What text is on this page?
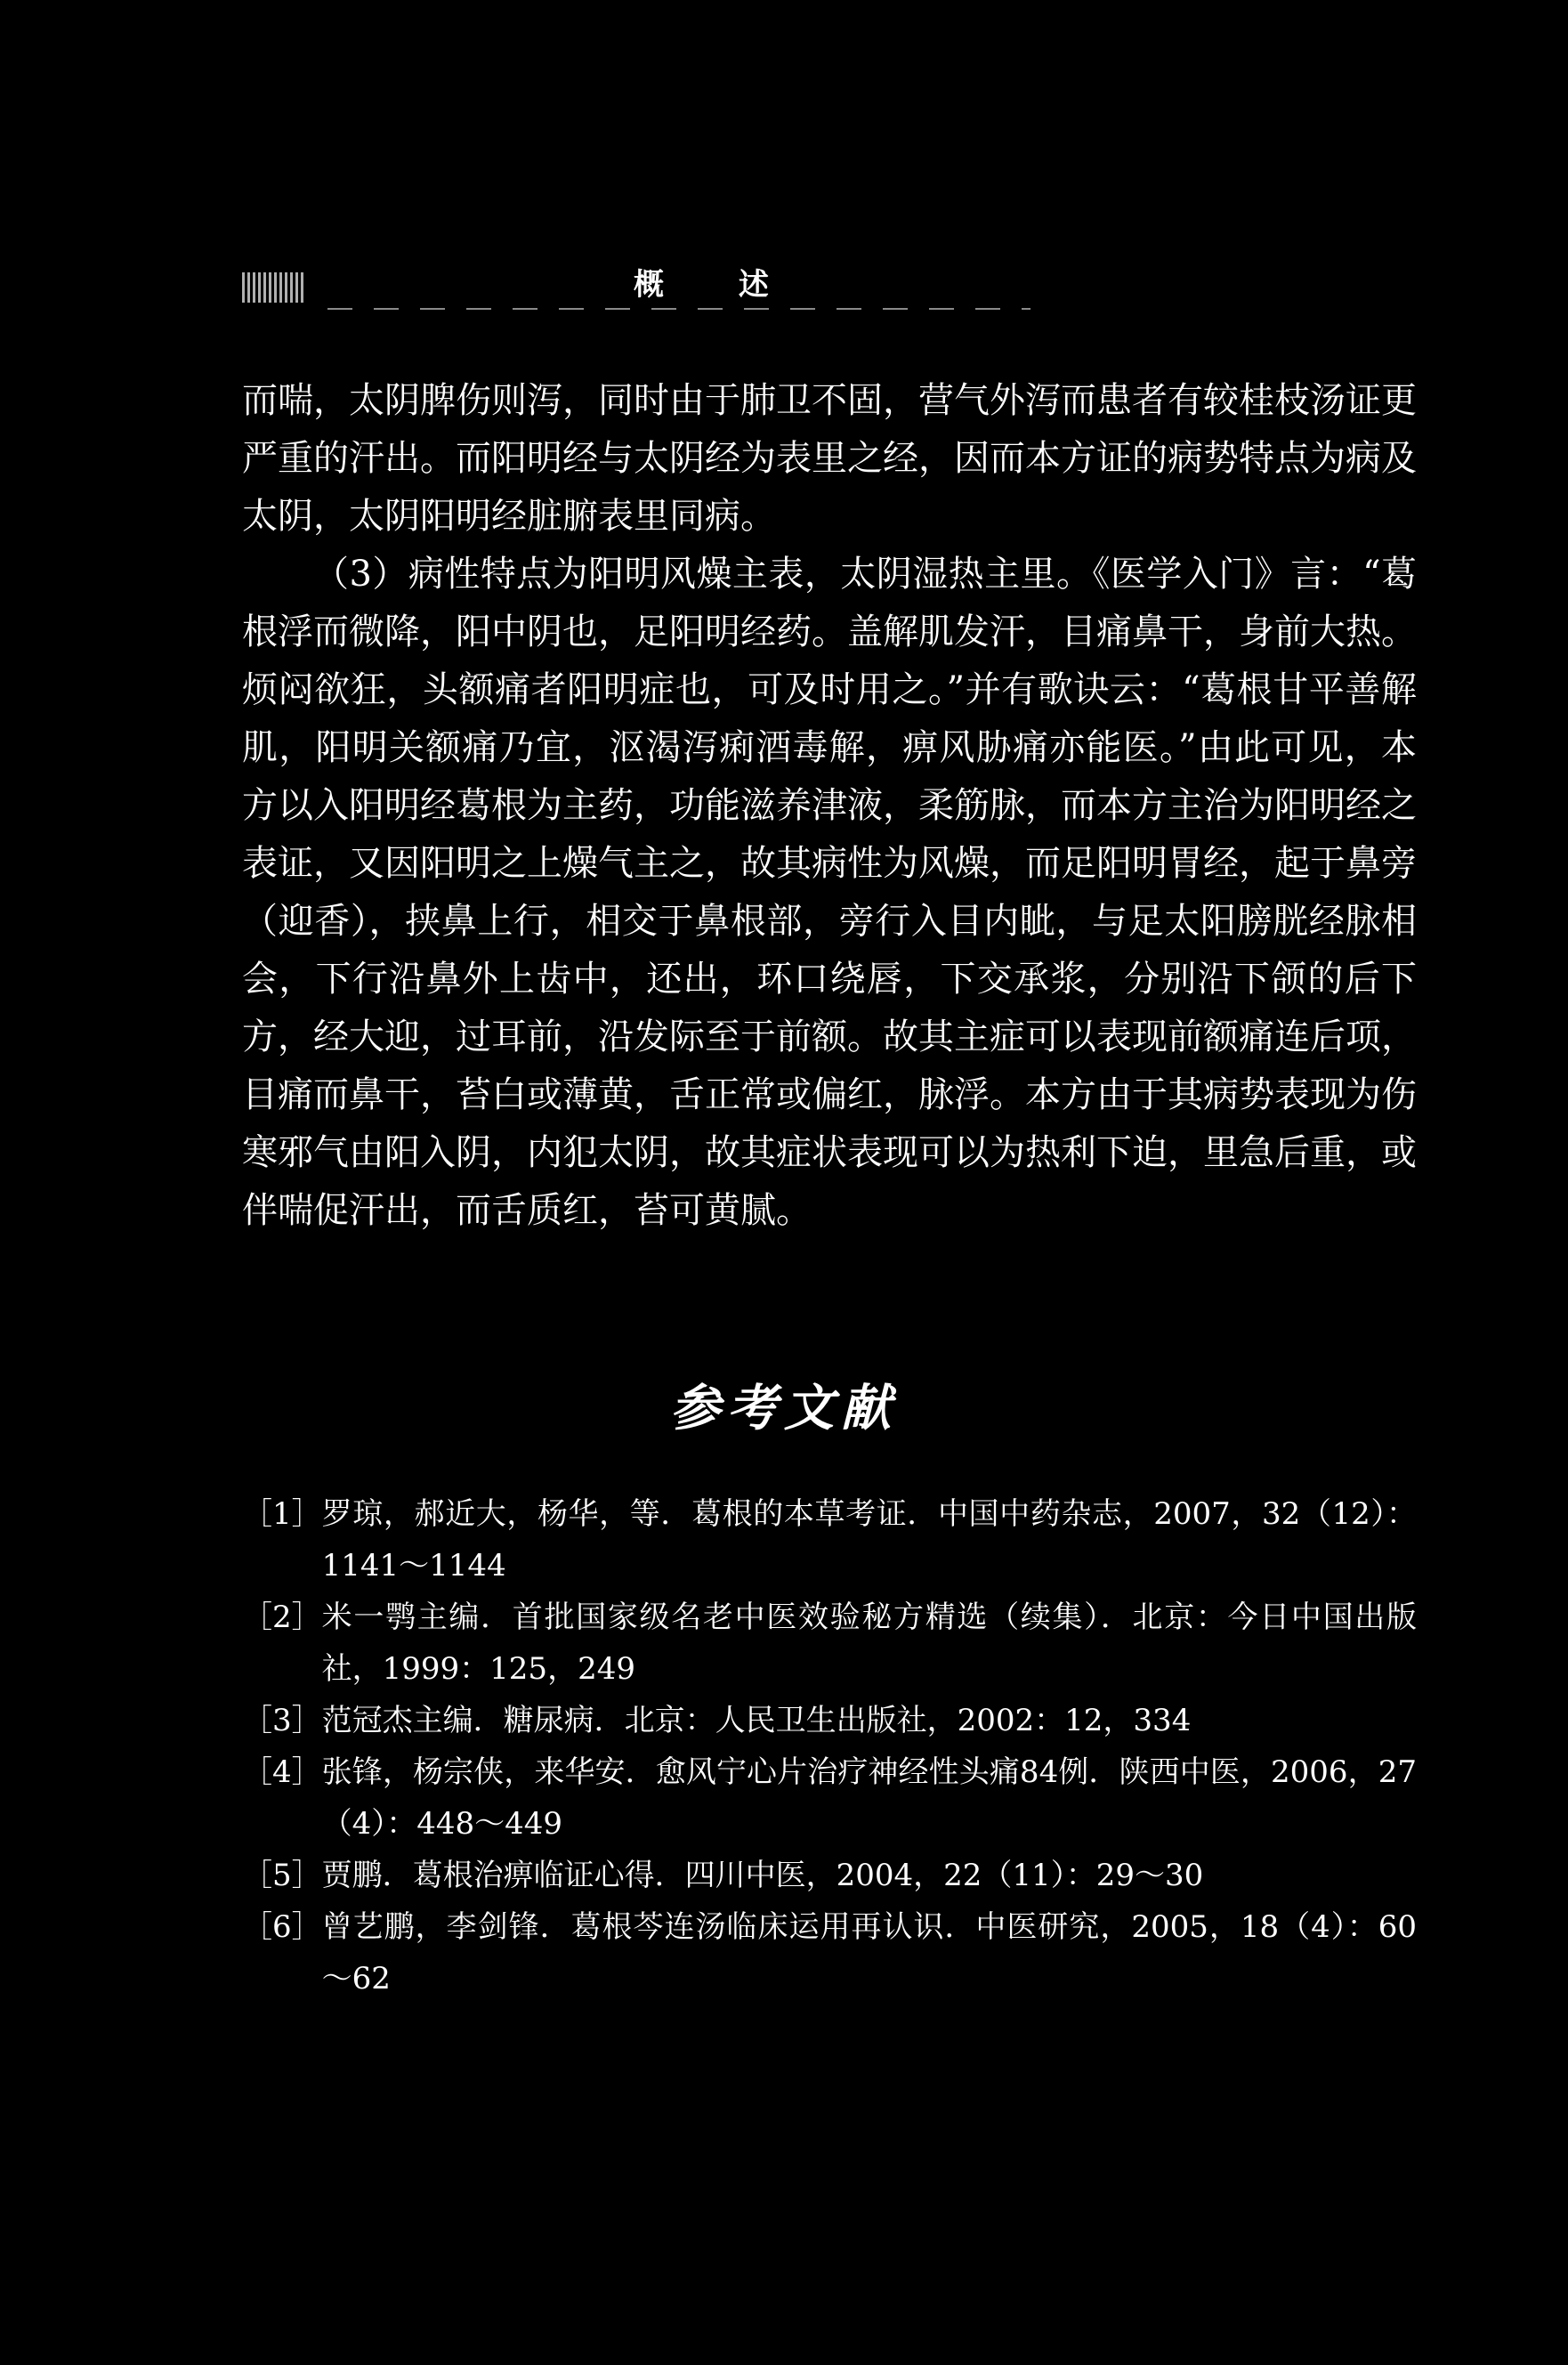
概 述

而喘，太阴脾伤则泻，同时由于肺卫不固，营气外泻而患者有较桂枝汤证更严重的汗出。而阳明经与太阴经为表里之经，因而本方证的病势特点为病及太阴，太阴阳明经脏腑表里同病。

（3）病性特点为阳明风燥主表，太阴湿热主里。《医学入门》言：“葛根浮而微降，阳中阴也，足阳明经药。盖解肌发汗，目痛鼻干，身前大热。烦闷欲狂，头额痛者阳明症也，可及时用之。”并有歌诀云：“葛根甘平善解肌，阳明关额痛乃宜，沤渴泻痢酒毒解，痹风胁痛亦能医。”由此可见，本方以入阳明经葛根为主药，功能滋养津液，柔筋脉，而本方主治为阳明经之表证，又因阳明之上燥气主之，故其病性为风燥，而足阳明胃经，起于鼻旁（迎香），挟鼻上行，相交于鼻根部，旁行入目内眦，与足太阳膀胱经脉相会，下行沿鼻外上齿中，还出，环口绕唇，下交承浆，分别沿下颌的后下方，经大迎，过耳前，沿发际至于前额。故其主症可以表现前额痛连后项，目痛而鼻干，苔白或薄黄，舌正常或偏红，脉浮。本方由于其病势表现为伤寒邪气由阳入阴，内犯太阴，故其症状表现可以为热利下迫，里急后重，或伴喘促汗出，而舌质红，苔可黄腻。

参考文献
［1］ 罗琼，郝近大，杨华，等．葛根的本草考证．中国中药杂志，2007，32（12）：1141～1144
［2］ 米一鹗主编．首批国家级名老中医效验秘方精选（续集）．北京：今日中国出版社，1999：125，249
［3］ 范冠杰主编．糖尿病．北京：人民卫生出版社，2002：12，334
［4］ 张锋，杨宗侠，来华安．愈风宁心片治疗神经性头痛84例．陕西中医，2006，27（4）：448～449
［5］ 贾鹏．葛根治痹临证心得．四川中医，2004，22（11）：29～30
［6］ 曾艺鹏，李剑锋．葛根芩连汤临床运用再认识．中医研究，2005，18（4）：60～62
